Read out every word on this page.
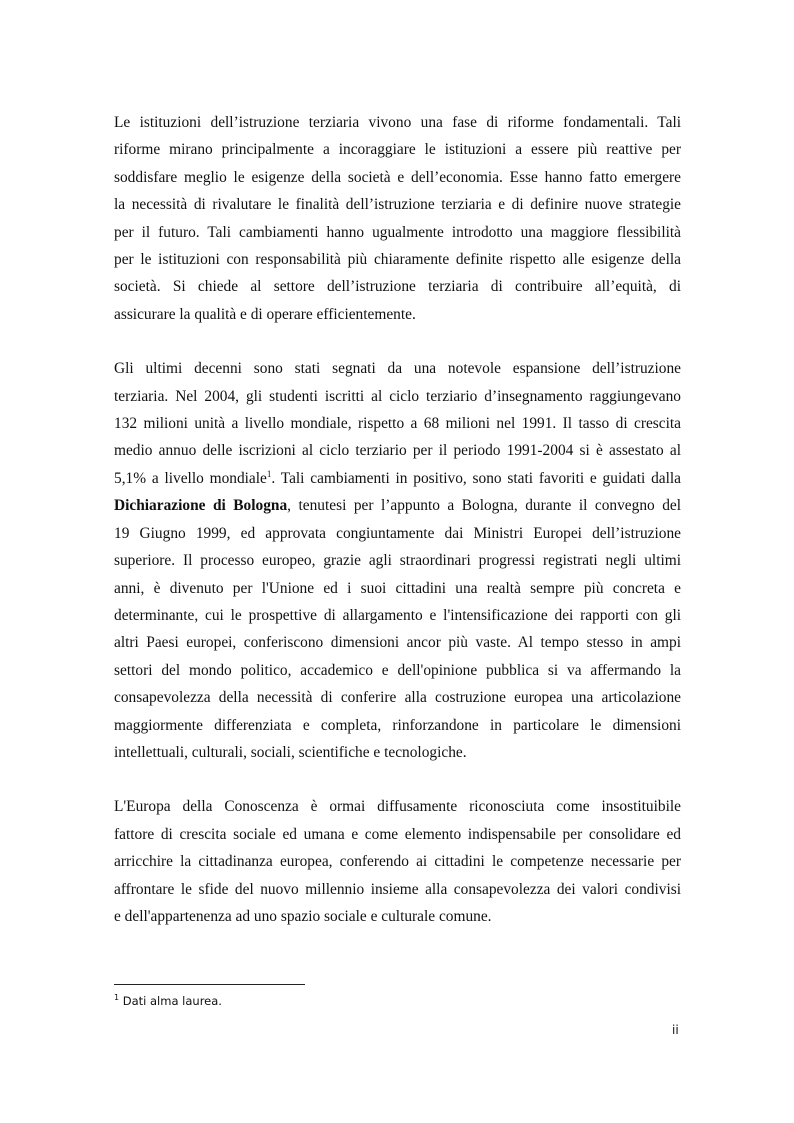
Le istituzioni dell’istruzione terziaria vivono una fase di riforme fondamentali. Tali
riforme mirano principalmente a incoraggiare le istituzioni a essere più reattive per
soddisfare meglio le esigenze della società e dell’economia. Esse hanno fatto emergere
la necessità di rivalutare le finalità dell’istruzione terziaria e di definire nuove strategie
per il futuro. Tali cambiamenti hanno ugualmente introdotto una maggiore flessibilità
per le istituzioni con responsabilità più chiaramente definite rispetto alle esigenze della
società. Si chiede al settore dell’istruzione terziaria di contribuire all’equità, di
assicurare la qualità e di operare efficientemente.

Gli ultimi decenni sono stati segnati da una notevole espansione dell’istruzione
terziaria. Nel 2004, gli studenti iscritti al ciclo terziario d’insegnamento raggiungevano
132 milioni unità a livello mondiale, rispetto a 68 milioni nel 1991. Il tasso di crescita
medio annuo delle iscrizioni al ciclo terziario per il periodo 1991-2004 si è assestato al
5,1% a livello mondiale$^1$. Tali cambiamenti in positivo, sono stati favoriti e guidati dalla
Dichiarazione di Bologna, tenutesi per l’appunto a Bologna, durante il convegno del
19 Giugno 1999, ed approvata congiuntamente dai Ministri Europei dell’istruzione
superiore. Il processo europeo, grazie agli straordinari progressi registrati negli ultimi
anni, è divenuto per l'Unione ed i suoi cittadini una realtà sempre più concreta e
determinante, cui le prospettive di allargamento e l'intensificazione dei rapporti con gli
altri Paesi europei, conferiscono dimensioni ancor più vaste. Al tempo stesso in ampi
settori del mondo politico, accademico e dell'opinione pubblica si va affermando la
consapevolezza della necessità di conferire alla costruzione europea una articolazione
maggiormente differenziata e completa, rinforzandone in particolare le dimensioni
intellettuali, culturali, sociali, scientifiche e tecnologiche.

L'Europa della Conoscenza è ormai diffusamente riconosciuta come insostituibile
fattore di crescita sociale ed umana e come elemento indispensabile per consolidare ed
arricchire la cittadinanza europea, conferendo ai cittadini le competenze necessarie per
affrontare le sfide del nuovo millennio insieme alla consapevolezza dei valori condivisi
e dell'appartenenza ad uno spazio sociale e culturale comune.

$^1$ Dati alma laurea.
ii
